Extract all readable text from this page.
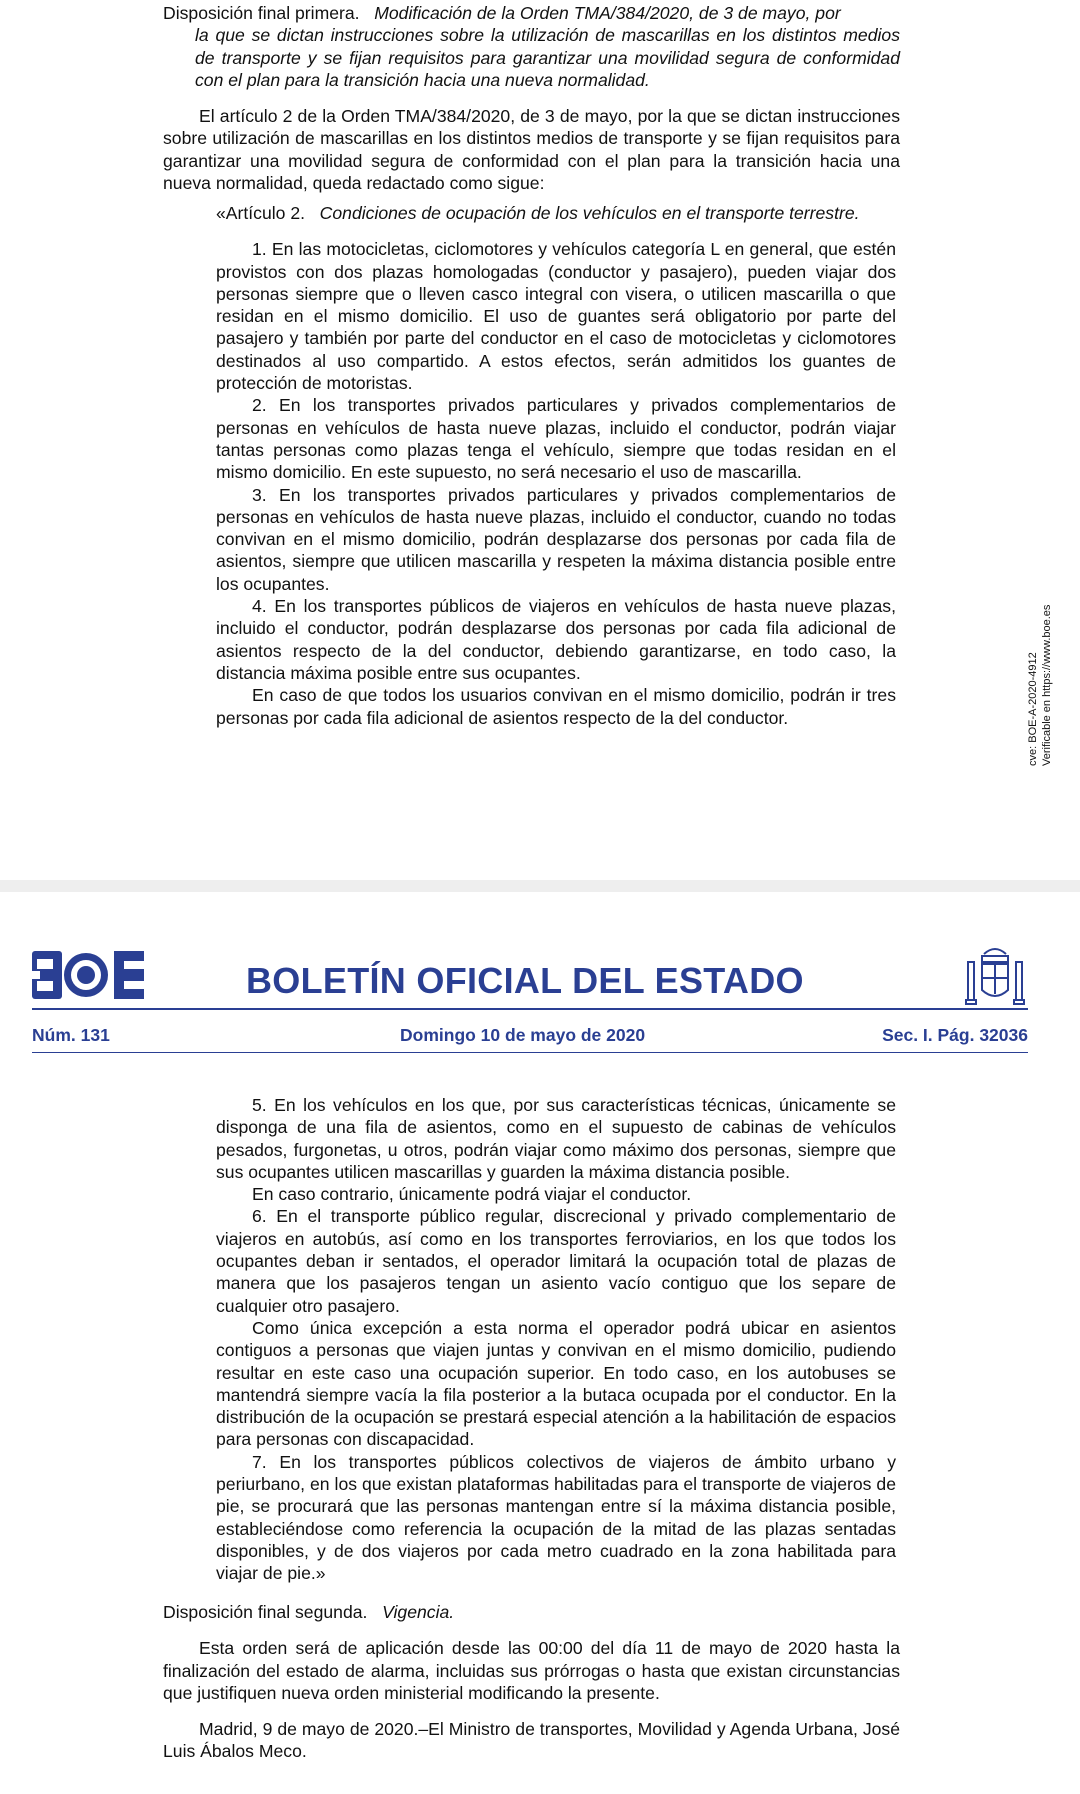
Disposición final primera. Modificación de la Orden TMA/384/2020, de 3 de mayo, por

la que se dictan instrucciones sobre la utilización de mascarillas en los distintos medios de transporte y se fijan requisitos para garantizar una movilidad segura de conformidad con el plan para la transición hacia una nueva normalidad.

El artículo 2 de la Orden TMA/384/2020, de 3 de mayo, por la que se dictan instrucciones sobre utilización de mascarillas en los distintos medios de transporte y se fijan requisitos para garantizar una movilidad segura de conformidad con el plan para la transición hacia una nueva normalidad, queda redactado como sigue:

«Artículo 2. Condiciones de ocupación de los vehículos en el transporte terrestre.

1. En las motocicletas, ciclomotores y vehículos categoría L en general, que estén provistos con dos plazas homologadas (conductor y pasajero), pueden viajar dos personas siempre que o lleven casco integral con visera, o utilicen mascarilla o que residan en el mismo domicilio. El uso de guantes será obligatorio por parte del pasajero y también por parte del conductor en el caso de motocicletas y ciclomotores destinados al uso compartido. A estos efectos, serán admitidos los guantes de protección de motoristas.

2. En los transportes privados particulares y privados complementarios de personas en vehículos de hasta nueve plazas, incluido el conductor, podrán viajar tantas personas como plazas tenga el vehículo, siempre que todas residan en el mismo domicilio. En este supuesto, no será necesario el uso de mascarilla.

3. En los transportes privados particulares y privados complementarios de personas en vehículos de hasta nueve plazas, incluido el conductor, cuando no todas convivan en el mismo domicilio, podrán desplazarse dos personas por cada fila de asientos, siempre que utilicen mascarilla y respeten la máxima distancia posible entre los ocupantes.

4. En los transportes públicos de viajeros en vehículos de hasta nueve plazas, incluido el conductor, podrán desplazarse dos personas por cada fila adicional de asientos respecto de la del conductor, debiendo garantizarse, en todo caso, la distancia máxima posible entre sus ocupantes.

En caso de que todos los usuarios convivan en el mismo domicilio, podrán ir tres personas por cada fila adicional de asientos respecto de la del conductor.	cve: BOE-A-2020-4912 Verificable en https://www.boe.es
BOLETÍN OFICIAL DEL ESTADO
Núm. 131	Domingo 10 de mayo de 2020	Sec. I. Pág. 32036

5. En los vehículos en los que, por sus características técnicas, únicamente se disponga de una fila de asientos, como en el supuesto de cabinas de vehículos pesados, furgonetas, u otros, podrán viajar como máximo dos personas, siempre que sus ocupantes utilicen mascarillas y guarden la máxima distancia posible.

En caso contrario, únicamente podrá viajar el conductor.

6. En el transporte público regular, discrecional y privado complementario de viajeros en autobús, así como en los transportes ferroviarios, en los que todos los ocupantes deban ir sentados, el operador limitará la ocupación total de plazas de manera que los pasajeros tengan un asiento vacío contiguo que los separe de cualquier otro pasajero.

Como única excepción a esta norma el operador podrá ubicar en asientos contiguos a personas que viajen juntas y convivan en el mismo domicilio, pudiendo resultar en este caso una ocupación superior. En todo caso, en los autobuses se mantendrá siempre vacía la fila posterior a la butaca ocupada por el conductor. En la distribución de la ocupación se prestará especial atención a la habilitación de espacios para personas con discapacidad.

7. En los transportes públicos colectivos de viajeros de ámbito urbano y periurbano, en los que existan plataformas habilitadas para el transporte de viajeros de pie, se procurará que las personas mantengan entre sí la máxima distancia posible, estableciéndose como referencia la ocupación de la mitad de las plazas sentadas disponibles, y de dos viajeros por cada metro cuadrado en la zona habilitada para viajar de pie.»

Disposición final segunda. Vigencia.

Esta orden será de aplicación desde las 00:00 del día 11 de mayo de 2020 hasta la finalización del estado de alarma, incluidas sus prórrogas o hasta que existan circunstancias que justifiquen nueva orden ministerial modificando la presente.

Madrid, 9 de mayo de 2020.–El Ministro de transportes, Movilidad y Agenda Urbana, José Luis Ábalos Meco.
